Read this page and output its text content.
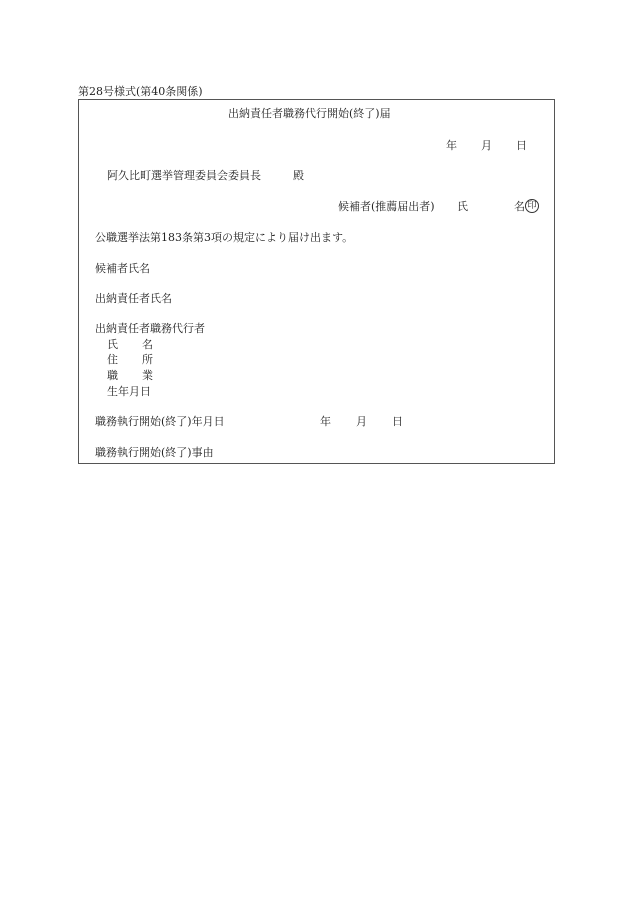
第28号様式(第40条関係)
出納責任者職務代行開始(終了)届
年 月 日
阿久比町選挙管理委員会委員長	殿
候補者(推薦届出者) 氏	名 印
公職選挙法第183条第3項の規定により届け出ます。
候補者氏名
出納責任者氏名
出納責任者職務代行者
氏 名
住 所
職 業
生年月日
職務執行開始(終了)年月日	年 月 日
職務執行開始(終了)事由
